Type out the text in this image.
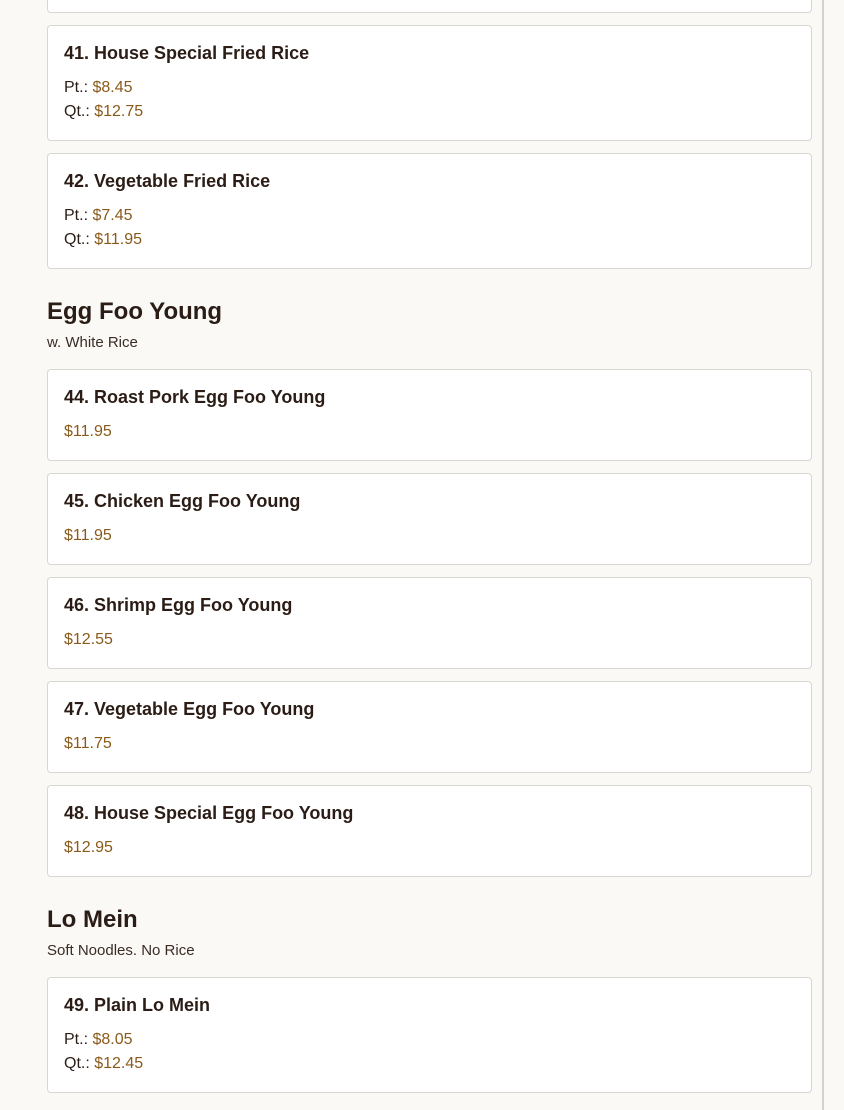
41. House Special Fried Rice
Pt.: $8.45
Qt.: $12.75
42. Vegetable Fried Rice
Pt.: $7.45
Qt.: $11.95
Egg Foo Young
w. White Rice
44. Roast Pork Egg Foo Young
$11.95
45. Chicken Egg Foo Young
$11.95
46. Shrimp Egg Foo Young
$12.55
47. Vegetable Egg Foo Young
$11.75
48. House Special Egg Foo Young
$12.95
Lo Mein
Soft Noodles. No Rice
49. Plain Lo Mein
Pt.: $8.05
Qt.: $12.45
